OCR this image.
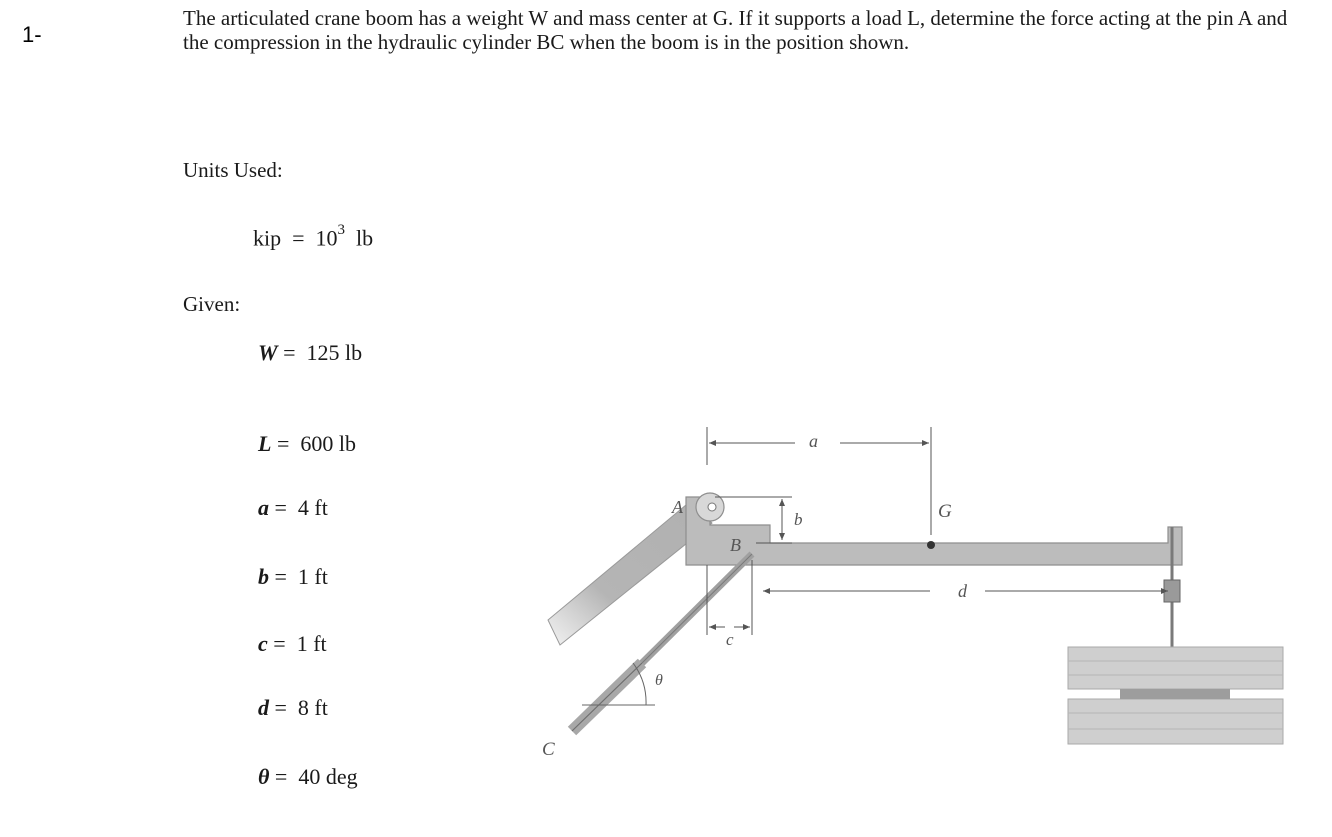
1-
The articulated crane boom has a weight W and mass center at G. If it supports a load L, determine the force acting at the pin A and the compression in the hydraulic cylinder BC when the boom is in the position shown.
Units Used:
kip = $10^3$ lb
Given:
W =  125 lb
L =  600 lb
a =  4 ft
b =  1 ft
c =  1 ft
d =  8 ft
θ =  40 deg
a
b
c
d
A
B
C
G
θ
